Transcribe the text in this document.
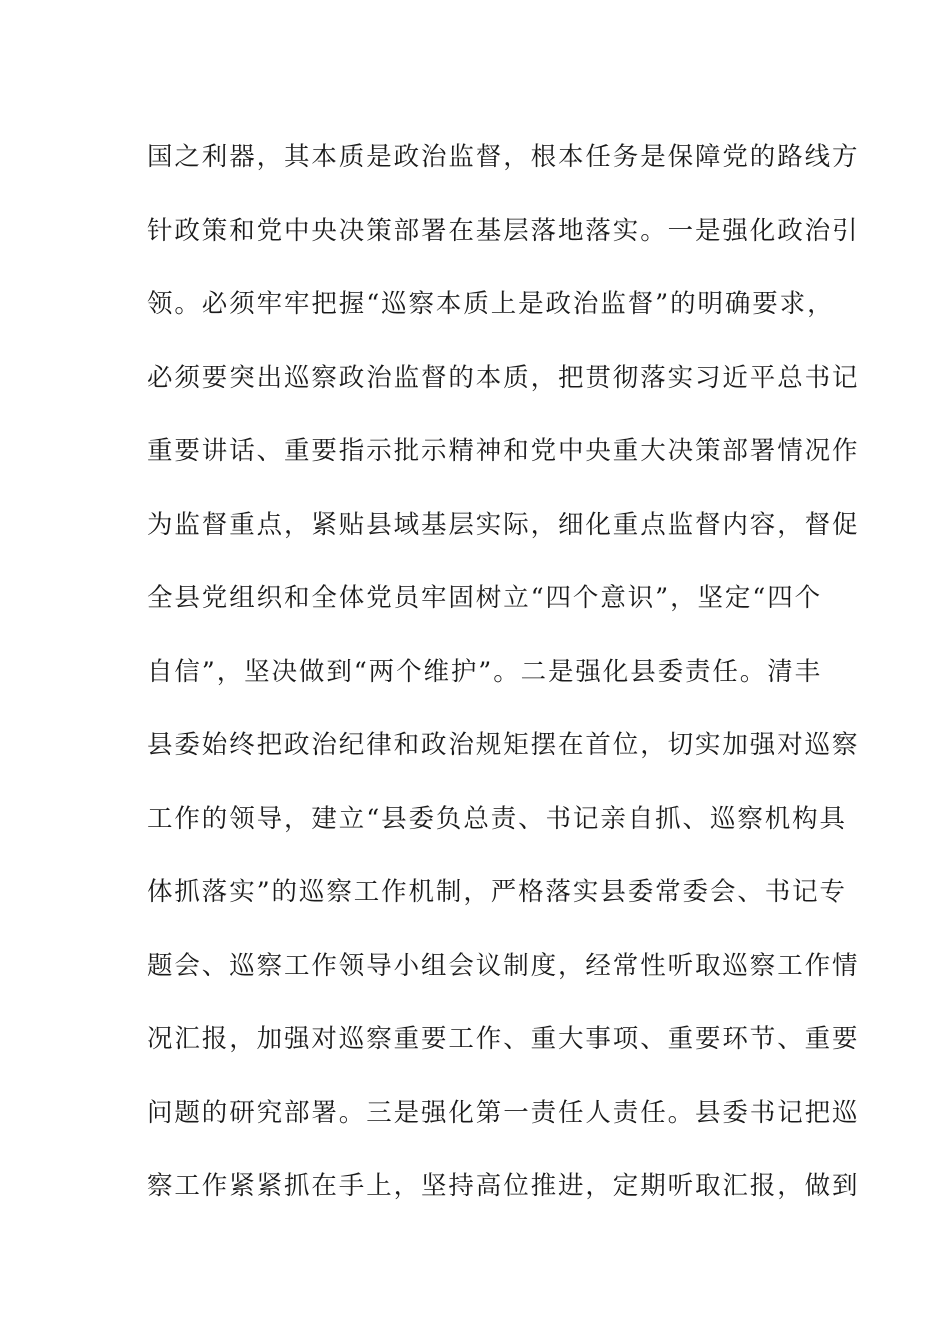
国之利器，其本质是政治监督，根本任务是保障党的路线方
针政策和党中央决策部署在基层落地落实。一是强化政治引
领。必须牢牢把握“巡察本质上是政治监督”的明确要求，
必须要突出巡察政治监督的本质，把贯彻落实习近平总书记
重要讲话、重要指示批示精神和党中央重大决策部署情况作
为监督重点，紧贴县域基层实际，细化重点监督内容，督促
全县党组织和全体党员牢固树立“四个意识”，坚定“四个
自信”，坚决做到“两个维护”。二是强化县委责任。清丰
县委始终把政治纪律和政治规矩摆在首位，切实加强对巡察
工作的领导，建立“县委负总责、书记亲自抓、巡察机构具
体抓落实”的巡察工作机制，严格落实县委常委会、书记专
题会、巡察工作领导小组会议制度，经常性听取巡察工作情
况汇报，加强对巡察重要工作、重大事项、重要环节、重要
问题的研究部署。三是强化第一责任人责任。县委书记把巡
察工作紧紧抓在手上，坚持高位推进，定期听取汇报，做到
